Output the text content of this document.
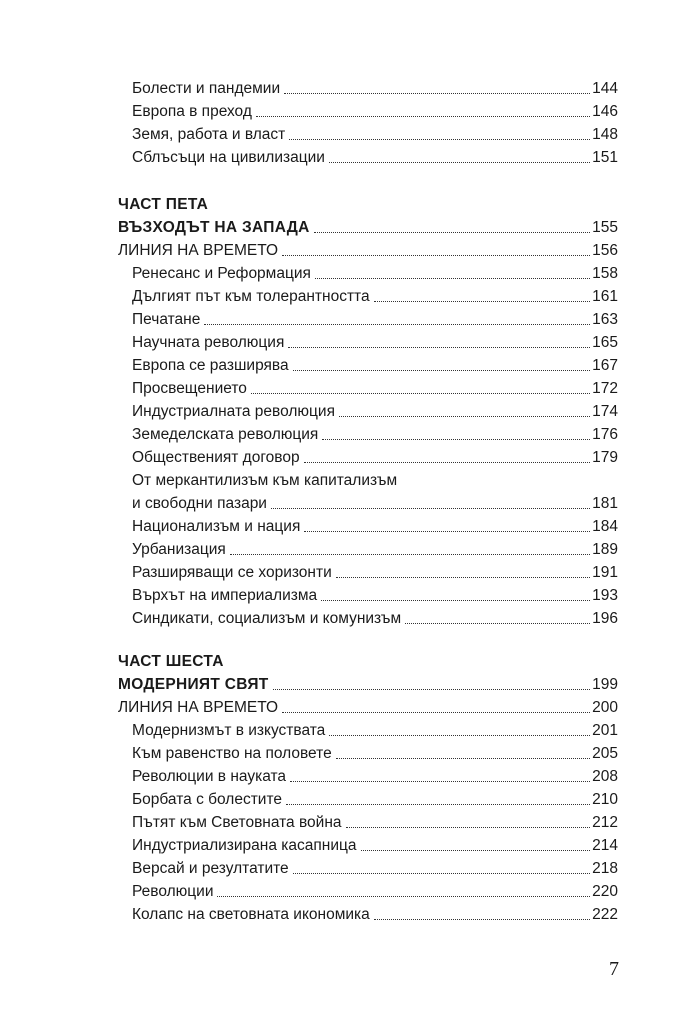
Болести и пандемии	144
Европа в преход	146
Земя, работа и власт	148
Сблъсъци на цивилизации	151
ЧАСТ ПЕТА
ВЪЗХОДЪТ НА ЗАПАДА	155
ЛИНИЯ НА ВРЕМЕТО	156
Ренесанс и Реформация	158
Дългият път към толерантността	161
Печатане	163
Научната революция	165
Европа се разширява	167
Просвещението	172
Индустриалната революция	174
Земеделската революция	176
Общественият договор	179
От меркантилизъм към капитализъм
и свободни пазари	181
Национализъм и нация	184
Урбанизация	189
Разширяващи се хоризонти	191
Върхът на империализма	193
Синдикати, социализъм и комунизъм	196
ЧАСТ ШЕСТА
МОДЕРНИЯТ СВЯТ	199
ЛИНИЯ НА ВРЕМЕТО	200
Модернизмът в изкуствата	201
Към равенство на половете	205
Революции в науката	208
Борбата с болестите	210
Пътят към Световната война	212
Индустриализирана касапница	214
Версай и резултатите	218
Революции	220
Колапс на световната икономика	222
7
